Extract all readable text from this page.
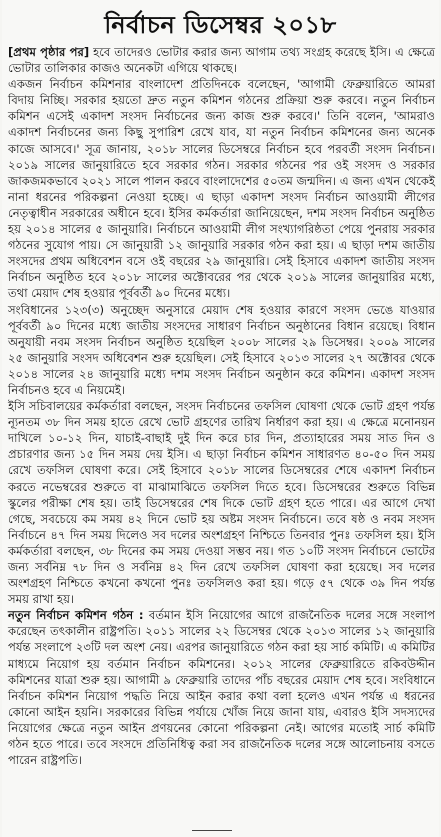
নির্বাচন ডিসেম্বর ২০১৮

[প্রথম পৃষ্ঠার পর] হবে তাদেরও ভোটার করার জন্য আগাম তথ্য সংগ্রহ করেছে ইসি। এ ক্ষেত্রে ভোটার তালিকার কাজও অনেকটা এগিয়ে থাকছে।

একজন নির্বাচন কমিশনার বাংলাদেশ প্রতিদিনকে বলেছেন, 'আগামী ফেব্রুয়ারিতে আমরা বিদায় নিচ্ছি। সরকার হয়তো দ্রুত নতুন কমিশন গঠনের প্রক্রিয়া শুরু করবে। নতুন নির্বাচন কমিশন এসেই একাদশ সংসদ নির্বাচনের জন্য কাজ শুরু করবে।' তিনি বলেন, 'আমরাও একাদশ নির্বাচনের জন্য কিছু সুপারিশ রেখে যাব, যা নতুন নির্বাচন কমিশনের জন্য অনেক কাজে আসবে।' সূত্র জানায়, ২০১৮ সালের ডিসেম্বরে নির্বাচন হবে পরবর্তী সংসদ নির্বাচন। ২০১৯ সালের জানুয়ারিতে হবে সরকার গঠন। সরকার গঠনের পর ওই সংসদ ও সরকার জাকজমকভাবে ২০২১ সালে পালন করবে বাংলাদেশের ৫০তম জন্মদিন। এ জন্য এখন থেকেই নানা ধরনের পরিকল্পনা নেওয়া হচ্ছে। এ ছাড়া একাদশ সংসদ নির্বাচন আওয়ামী লীগের নেতৃত্বাধীন সরকারের অধীনে হবে। ইসির কর্মকর্তারা জানিয়েছেন, দশম সংসদ নির্বাচন অনুষ্ঠিত হয় ২০১৪ সালের ৫ জানুয়ারি। নির্বাচনে আওয়ামী লীগ সংখ্যাগরিষ্ঠতা পেয়ে পুনরায় সরকার গঠনের সুযোগ পায়। সে জানুয়ারী ১২ জানুয়ারি সরকার গঠন করা হয়। এ ছাড়া দশম জাতীয় সংসদের প্রথম অধিবেশন বসে ওই বছরের ২৯ জানুয়ারি। সেই হিসাবে একাদশ জাতীয় সংসদ নির্বাচন অনুষ্ঠিত হবে ২০১৮ সালের অক্টোবরের পর থেকে ২০১৯ সালের জানুয়ারির মধ্যে, তথা মেয়াদ শেষ হওয়ার পূর্ববর্তী ৯০ দিনের মধ্যে।

সংবিধানের ১২৩(৩) অনুচ্ছেদ অনুসারে মেয়াদ শেষ হওয়ার কারণে সংসদ ভেঙে যাওয়ার পূর্ববর্তী ৯০ দিনের মধ্যে জাতীয় সংসদের সাধারণ নির্বাচন অনুষ্ঠানের বিধান রয়েছে। বিধান অনুযায়ী নবম সংসদ নির্বাচন অনুষ্ঠিত হয়েছিল ২০০৮ সালের ২৯ ডিসেম্বর। ২০০৯ সালের ২৫ জানুয়ারি সংসদ অধিবেশন শুরু হয়েছিল। সেই হিসাবে ২০১৩ সালের ২৭ অক্টোবর থেকে ২০১৪ সালের ২৪ জানুয়ারি মধ্যে দশম সংসদ নির্বাচন অনুষ্ঠান করে কমিশন। একাদশ সংসদ নির্বাচনও হবে এ নিয়মেই।

ইসি সচিবালয়ের কর্মকর্তারা বলছেন, সংসদ নির্বাচনের তফসিল ঘোষণা থেকে ভোট গ্রহণ পর্যন্ত ন্যূনতম ৩৮ দিন সময় হাতে রেখে ভোট গ্রহণের তারিখ নির্ধারণ করা হয়। এ ক্ষেত্রে মনোনয়ন দাখিলে ১০-১২ দিন, যাচাই-বাছাই দুই দিন করে চার দিন, প্রত্যাহারের সময় সাত দিন ও প্রচারণার জন্য ১৫ দিন সময় দেয় ইসি। এ ছাড়া নির্বাচন কমিশন সাধারণত ৪০-৫০ দিন সময় রেখে তফসিল ঘোষণা করে। সেই হিসাবে ২০১৮ সালের ডিসেম্বরের শেষে একাদশ নির্বাচন করতে নভেম্বরের শুরুতে বা মাঝামাঝিতে তফসিল দিতে হবে। ডিসেম্বরের শুরুতে বিভিন্ন স্কুলের পরীক্ষা শেষ হয়। তাই ডিসেম্বরের শেষ দিকে ভোট গ্রহণ হতে পারে। এর আগে দেখা গেছে, সবচেয়ে কম সময় ৪২ দিনে ভোট হয় অষ্টম সংসদ নির্বাচনে। তবে ষষ্ঠ ও নবম সংসদ নির্বাচনে ৪৭ দিন সময় দিলেও সব দলের অংশগ্রহণ নিশ্চিতে তিনবার পুনঃ তফসিল হয়। ইসি কর্মকর্তারা বলছেন, ৩৮ দিনের কম সময় দেওয়া সম্ভব নয়। গত ১০টি সংসদ নির্বাচনে ভোটের জন্য সর্বনিম্ন ৭৮ দিন ও সর্বনিম্ন ৪২ দিন রেখে তফসিল ঘোষণা করা হয়েছে। সব দলের অংশগ্রহণ নিশ্চিতে কখনো কখনো পুনঃ তফসিলও করা হয়। গড়ে ৫৭ থেকে ৩৯ দিন পর্যন্ত সময় রাখা হয়।

নতুন নির্বাচন কমিশন গঠন : বর্তমান ইসি নিয়োগের আগে রাজনৈতিক দলের সঙ্গে সংলাপ করেছেন তৎকালীন রাষ্ট্রপতি। ২০১১ সালের ২২ ডিসেম্বর থেকে ২০১৩ সালের ১২ জানুয়ারি পর্যন্ত সংলাপে ২৩টি দল অংশ নেয়। এরপর জানুয়ারিতে গঠন করা হয় সার্চ কমিটি। এ কমিটির মাধ্যমে নিয়োগ হয় বর্তমান নির্বাচন কমিশনের। ২০১২ সালের ফেব্রুয়ারিতে রকিবউদ্দীন কমিশনের যাত্রা শুরু হয়। আগামী ৯ ফেব্রুয়ারি তাদের পাঁচ বছরের মেয়াদ শেষ হবে। সংবিধানে নির্বাচন কমিশন নিয়োগ পদ্ধতি নিয়ে আইন করার কথা বলা হলেও এখন পর্যন্ত এ ধরনের কোনো আইন হয়নি। সরকারের বিভিন্ন পর্যায়ে খোঁজ নিয়ে জানা যায়, এবারও ইসি সদস্যদের নিয়োগের ক্ষেত্রে নতুন আইন প্রণয়নের কোনো পরিকল্পনা নেই। আগের মতোই সার্চ কমিটি গঠন হতে পারে। তবে সংসদে প্রতিনিধিত্ব করা সব রাজনৈতিক দলের সঙ্গে আলোচনায় বসতে পারেন রাষ্ট্রপতি।
